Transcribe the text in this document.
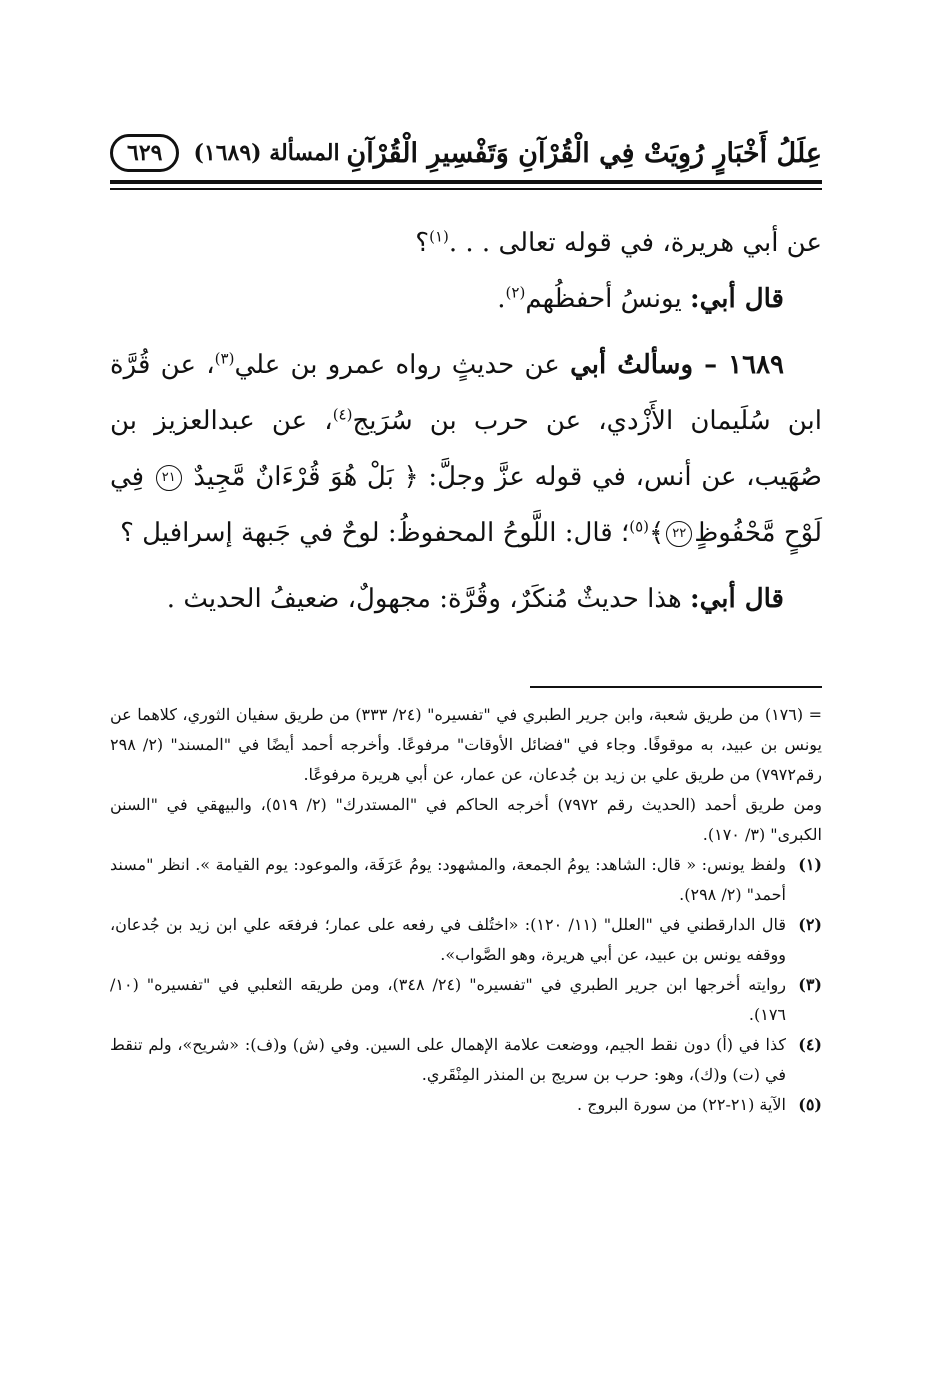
عِلَلُ أَخْبَارٍ رُوِيَتْ فِي الْقُرْآنِ وَتَفْسِيرِ الْقُرْآنِ
المسألة (١٦٨٩)
٦٢٩

عن أبي هريرة، في قوله تعالى . . .$^{(١)}$؟

قال أبي: يونسُ أحفظُهم$^{(٢)}$.

١٦٨٩ – وسألتُ أبي عن حديثٍ رواه عمرو بن علي$^{(٣)}$، عن قُرَّة ابن سُلَيمان الأَزْدي، عن حرب بن سُرَيج$^{(٤)}$، عن عبدالعزيز بن صُهَيب، عن أنس، في قوله عزَّ وجلَّ: ﴿ بَلْ هُوَ قُرْءَانٌ مَّجِيدٌ ٢١ فِي لَوْحٍ مَّحْفُوظٍ٢٢﴾$^{(٥)}$؛ قال: اللَّوحُ المحفوظُ: لوحٌ في جَبهة إسرافيل ؟

قال أبي: هذا حديثٌ مُنكَرٌ، وقُرَّة: مجهولٌ، ضعيفُ الحديث .

= (١٧٦) من طريق شعبة، وابن جرير الطبري في "تفسيره" (٢٤/ ٣٣٣) من طريق سفيان الثوري، كلاهما عن يونس بن عبيد، به موقوفًا. وجاء في "فضائل الأوقات" مرفوعًا. وأخرجه أحمد أيضًا في "المسند" (٢/ ٢٩٨ رقم٧٩٧٢) من طريق علي بن زيد بن جُدعان، عن عمار، عن أبي هريرة مرفوعًا.

ومن طريق أحمد (الحديث رقم ٧٩٧٢) أخرجه الحاكم في "المستدرك" (٢/ ٥١٩)، والبيهقي في "السنن الكبرى" (٣/ ١٧٠).

(١)
ولفظ يونس: « قال: الشاهد: يومُ الجمعة، والمشهود: يومُ عَرَفَة، والموعود: يوم القيامة ». انظر "مسند أحمد" (٢/ ٢٩٨).
(٢)
قال الدارقطني في "العلل" (١١/ ١٢٠): «اختُلف في رفعه على عمار؛ فرفعَه علي ابن زيد بن جُدعان، ووقفه يونس بن عبيد، عن أبي هريرة، وهو الصَّواب».
(٣)
روايته أخرجها ابن جرير الطبري في "تفسيره" (٢٤/ ٣٤٨)، ومن طريقه الثعلبي في "تفسيره" (١٠/ ١٧٦).
(٤)
كذا في (أ) دون نقط الجيم، ووضعت علامة الإهمال على السين. وفي (ش) و(ف): «شريح»، ولم تنقط في (ت) و(ك)، وهو: حرب بن سريج بن المنذر المِنْقَري.
(٥)
الآية (٢١-٢٢) من سورة البروج .
